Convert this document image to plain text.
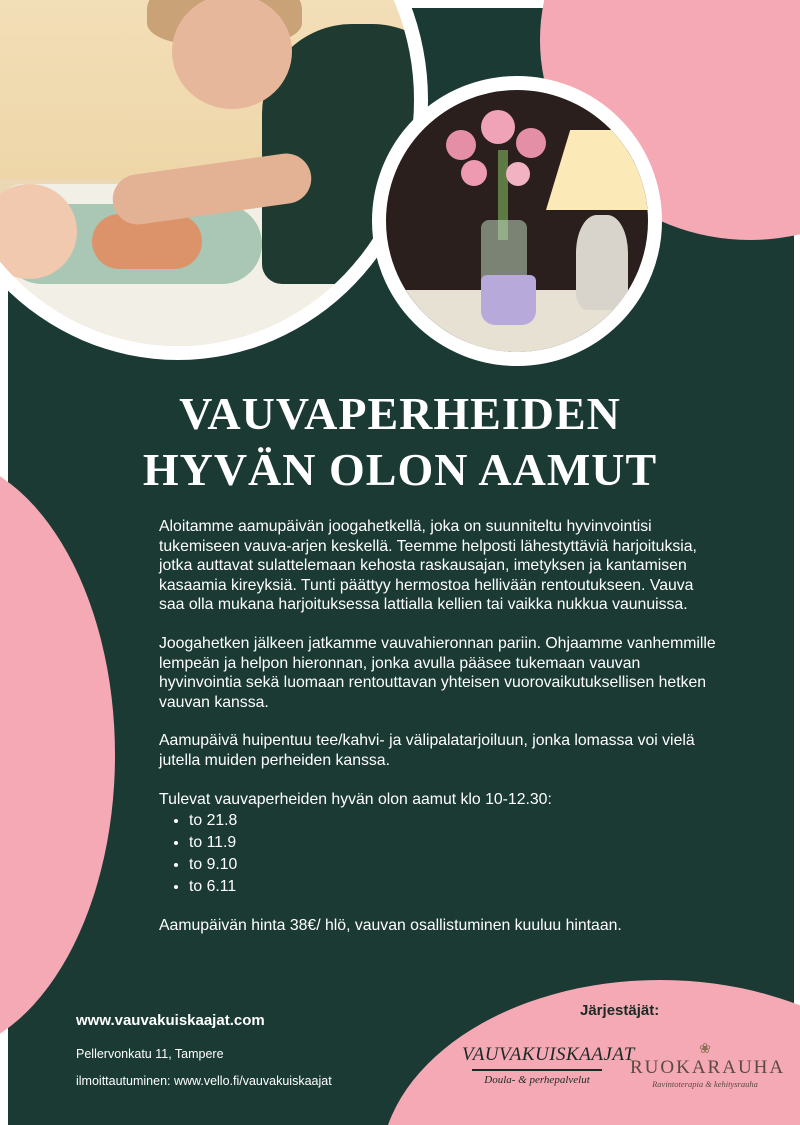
VAUVAPERHEIDEN
HYVÄN OLON AAMUT

Aloitamme aamupäivän joogahetkellä, joka on suunniteltu hyvinvointisi tukemiseen vauva-arjen keskellä. Teemme helposti lähestyttäviä harjoituksia, jotka auttavat sulattelemaan kehosta raskausajan, imetyksen ja kantamisen kasaamia kireyksiä. Tunti päättyy hermostoa hellivään rentoutukseen. Vauva saa olla mukana harjoituksessa lattialla kellien tai vaikka nukkua vaunuissa.

Joogahetken jälkeen jatkamme vauvahieronnan pariin. Ohjaamme vanhemmille lempeän ja helpon hieronnan, jonka avulla pääsee tukemaan vauvan hyvinvointia sekä luomaan rentouttavan yhteisen vuorovaikutuksellisen hetken vauvan kanssa.

Aamupäivä huipentuu tee/kahvi- ja välipalatarjoiluun, jonka lomassa voi vielä jutella muiden perheiden kanssa.

Tulevat vauvaperheiden hyvän olon aamut klo 10-12.30:

• to 21.8
• to 11.9
• to 9.10
• to 6.11

Aamupäivän hinta 38€/ hlö, vauvan osallistuminen kuuluu hintaan.

www.vauvakuiskaajat.com
Pellervonkatu 11, Tampere
ilmoittautuminen: www.vello.fi/vauvakuiskaajat
Järjestäjät:
VAUVAKUISKAAJAT
Doula- & perhepalvelut
❀
RUOKARAUHA
Ravintoterapia & kehitysrauha
